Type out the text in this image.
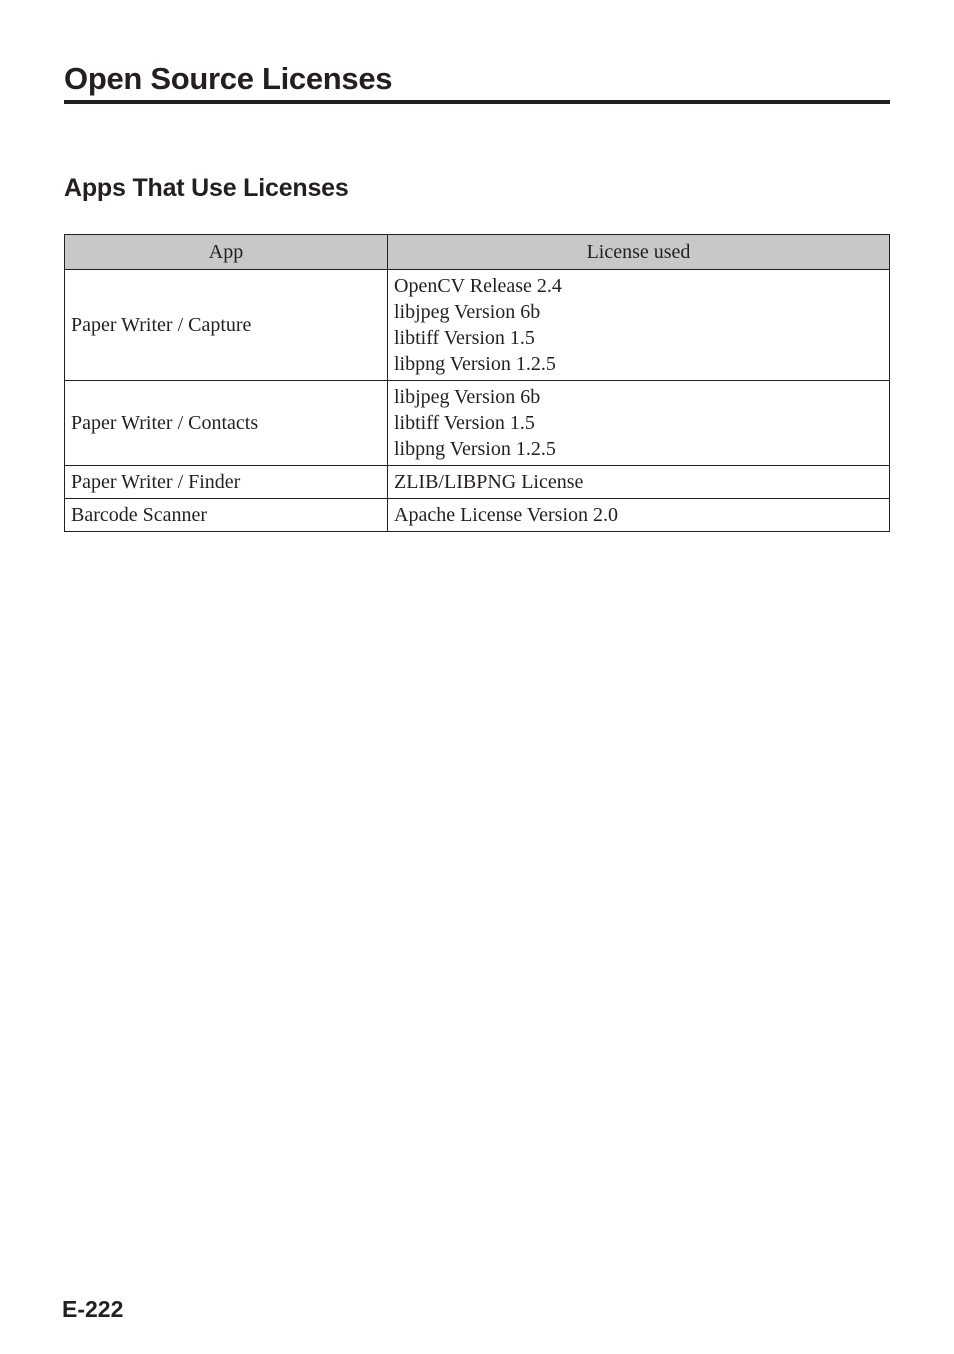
Open Source Licenses
Apps That Use Licenses
App	License used
Paper Writer / Capture	OpenCV Release 2.4
libjpeg Version 6b
libtiff Version 1.5
libpng Version 1.2.5

Paper Writer / Contacts	libjpeg Version 6b
libtiff Version 1.5
libpng Version 1.2.5

Paper Writer / Finder	ZLIB/LIBPNG License

Barcode Scanner	Apache License Version 2.0

E-222
